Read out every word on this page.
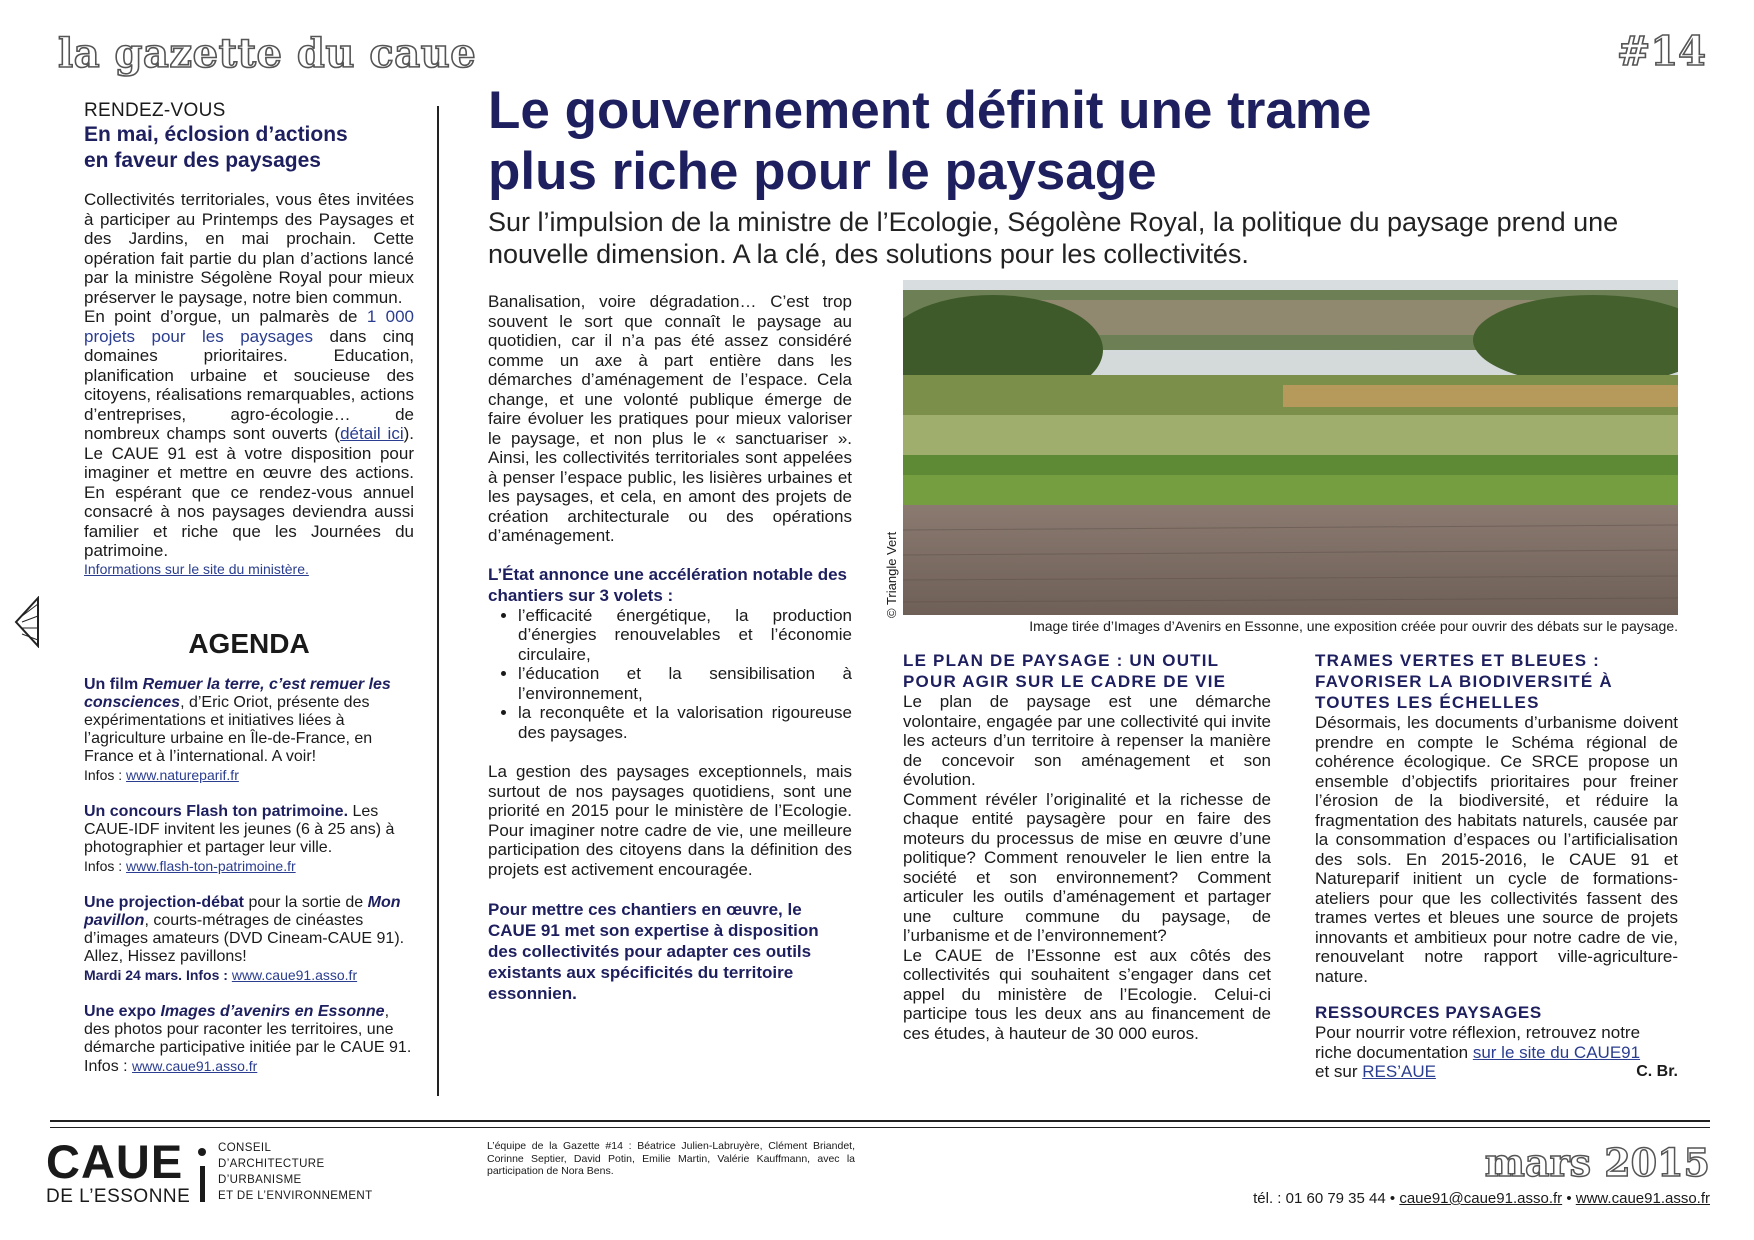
la gazette du caue	#14
RENDEZ-VOUS
En mai, éclosion d’actions
en faveur des paysages

Collectivités territoriales, vous êtes invitées à participer au Printemps des Paysages et des Jardins, en mai prochain. Cette opération fait partie du plan d’actions lancé par la ministre Ségolène Royal pour mieux préserver le paysage, notre bien commun.

En point d’orgue, un palmarès de 1 000 projets pour les paysages dans cinq domaines prioritaires. Education, planification urbaine et soucieuse des citoyens, réalisations remarquables, actions d’entreprises, agro-écologie… de nombreux champs sont ouverts (détail ici). Le CAUE 91 est à votre disposition pour imaginer et mettre en œuvre des actions. En espérant que ce rendez-vous annuel consacré à nos paysages deviendra aussi familier et riche que les Journées du patrimoine.

Informations sur le site du ministère.
AGENDA
Un film Remuer la terre, c’est remuer les consciences, d’Eric Oriot, présente des expérimentations et initiatives liées à l’agriculture urbaine en Île-de-France, en France et à l’international. A voir!
Infos : www.natureparif.fr
Un concours Flash ton patrimoine. Les CAUE-IDF invitent les jeunes (6 à 25 ans) à photographier et partager leur ville.
Infos : www.flash-ton-patrimoine.fr
Une projection-débat pour la sortie de Mon pavillon, courts-métrages de cinéastes d’images amateurs (DVD Cineam-CAUE 91). Allez, Hissez pavillons!
Mardi 24 mars. Infos : www.caue91.asso.fr
Une expo Images d’avenirs en Essonne, des photos pour raconter les territoires, une démarche participative initiée par le CAUE 91. Infos : www.caue91.asso.fr
Le gouvernement définit une trame
plus riche pour le paysage
Sur l’impulsion de la ministre de l’Ecologie, Ségolène Royal, la politique du paysage prend une nouvelle dimension. A la clé, des solutions pour les collectivités.

Banalisation, voire dégradation… C’est trop souvent le sort que connaît le paysage au quotidien, car il n’a pas été assez considéré comme un axe à part entière dans les démarches d’aménagement de l’espace. Cela change, et une volonté publique émerge de faire évoluer les pratiques pour mieux valoriser le paysage, et non plus le « sanctuariser ». Ainsi, les collectivités territoriales sont appelées à penser l’espace public, les lisières urbaines et les paysages, et cela, en amont des projets de création architecturale ou des opérations d’aménagement.

L’État annonce une accélération notable des chantiers sur 3 volets :
• l’efficacité énergétique, la production d’énergies renouvelables et l’économie circulaire,
• l’éducation et la sensibilisation à l’environnement,
• la reconquête et la valorisation rigoureuse des paysages.

La gestion des paysages exceptionnels, mais surtout de nos paysages quotidiens, sont une priorité en 2015 pour le ministère de l’Ecologie. Pour imaginer notre cadre de vie, une meilleure participation des citoyens dans la définition des projets est activement encouragée.

Pour mettre ces chantiers en œuvre, le CAUE 91 met son expertise à disposition des collectivités pour adapter ces outils existants aux spécificités du territoire essonnien.
© Triangle Vert
Image tirée d’Images d’Avenirs en Essonne, une exposition créée pour ouvrir des débats sur le paysage.
LE PLAN DE PAYSAGE : UN OUTIL POUR AGIR SUR LE CADRE DE VIE

Le plan de paysage est une démarche volontaire, engagée par une collectivité qui invite les acteurs d’un territoire à repenser la manière de concevoir son aménagement et son évolution.

Comment révéler l’originalité et la richesse de chaque entité paysagère pour en faire des moteurs du processus de mise en œuvre d’une politique? Comment renouveler le lien entre la société et son environnement? Comment articuler les outils d’aménagement et partager une culture commune du paysage, de l’urbanisme et de l’environnement?

Le CAUE de l’Essonne est aux côtés des collectivités qui souhaitent s’engager dans cet appel du ministère de l’Ecologie. Celui-ci participe tous les deux ans au financement de ces études, à hauteur de 30 000 euros.

TRAMES VERTES ET BLEUES : FAVORISER LA BIODIVERSITÉ À TOUTES LES ÉCHELLES

Désormais, les documents d’urbanisme doivent prendre en compte le Schéma régional de cohérence écologique. Ce SRCE propose un ensemble d’objectifs prioritaires pour freiner l’érosion de la biodiversité, et réduire la fragmentation des habitats naturels, causée par la consommation d’espaces ou l’artificialisation des sols. En 2015-2016, le CAUE 91 et Natureparif initient un cycle de formations-ateliers pour que les collectivités fassent des trames vertes et bleues une source de projets innovants et ambitieux pour notre cadre de vie, renouvelant notre rapport ville-agriculture-nature.

RESSOURCES PAYSAGES

Pour nourrir votre réflexion, retrouvez notre riche documentation sur le site du CAUE91
et sur RES’AUE	C. Br.

CAUE
DE L’ESSONNE
CONSEIL
D’ARCHITECTURE
D’URBANISME
ET DE L’ENVIRONNEMENT
L’équipe de la Gazette #14 : Béatrice Julien-Labruyère, Clément Briandet, Corinne Septier, David Potin, Emilie Martin, Valérie Kauffmann, avec la participation de Nora Bens.	mars 2015
tél. : 01 60 79 35 44 • caue91@caue91.asso.fr • www.caue91.asso.fr
